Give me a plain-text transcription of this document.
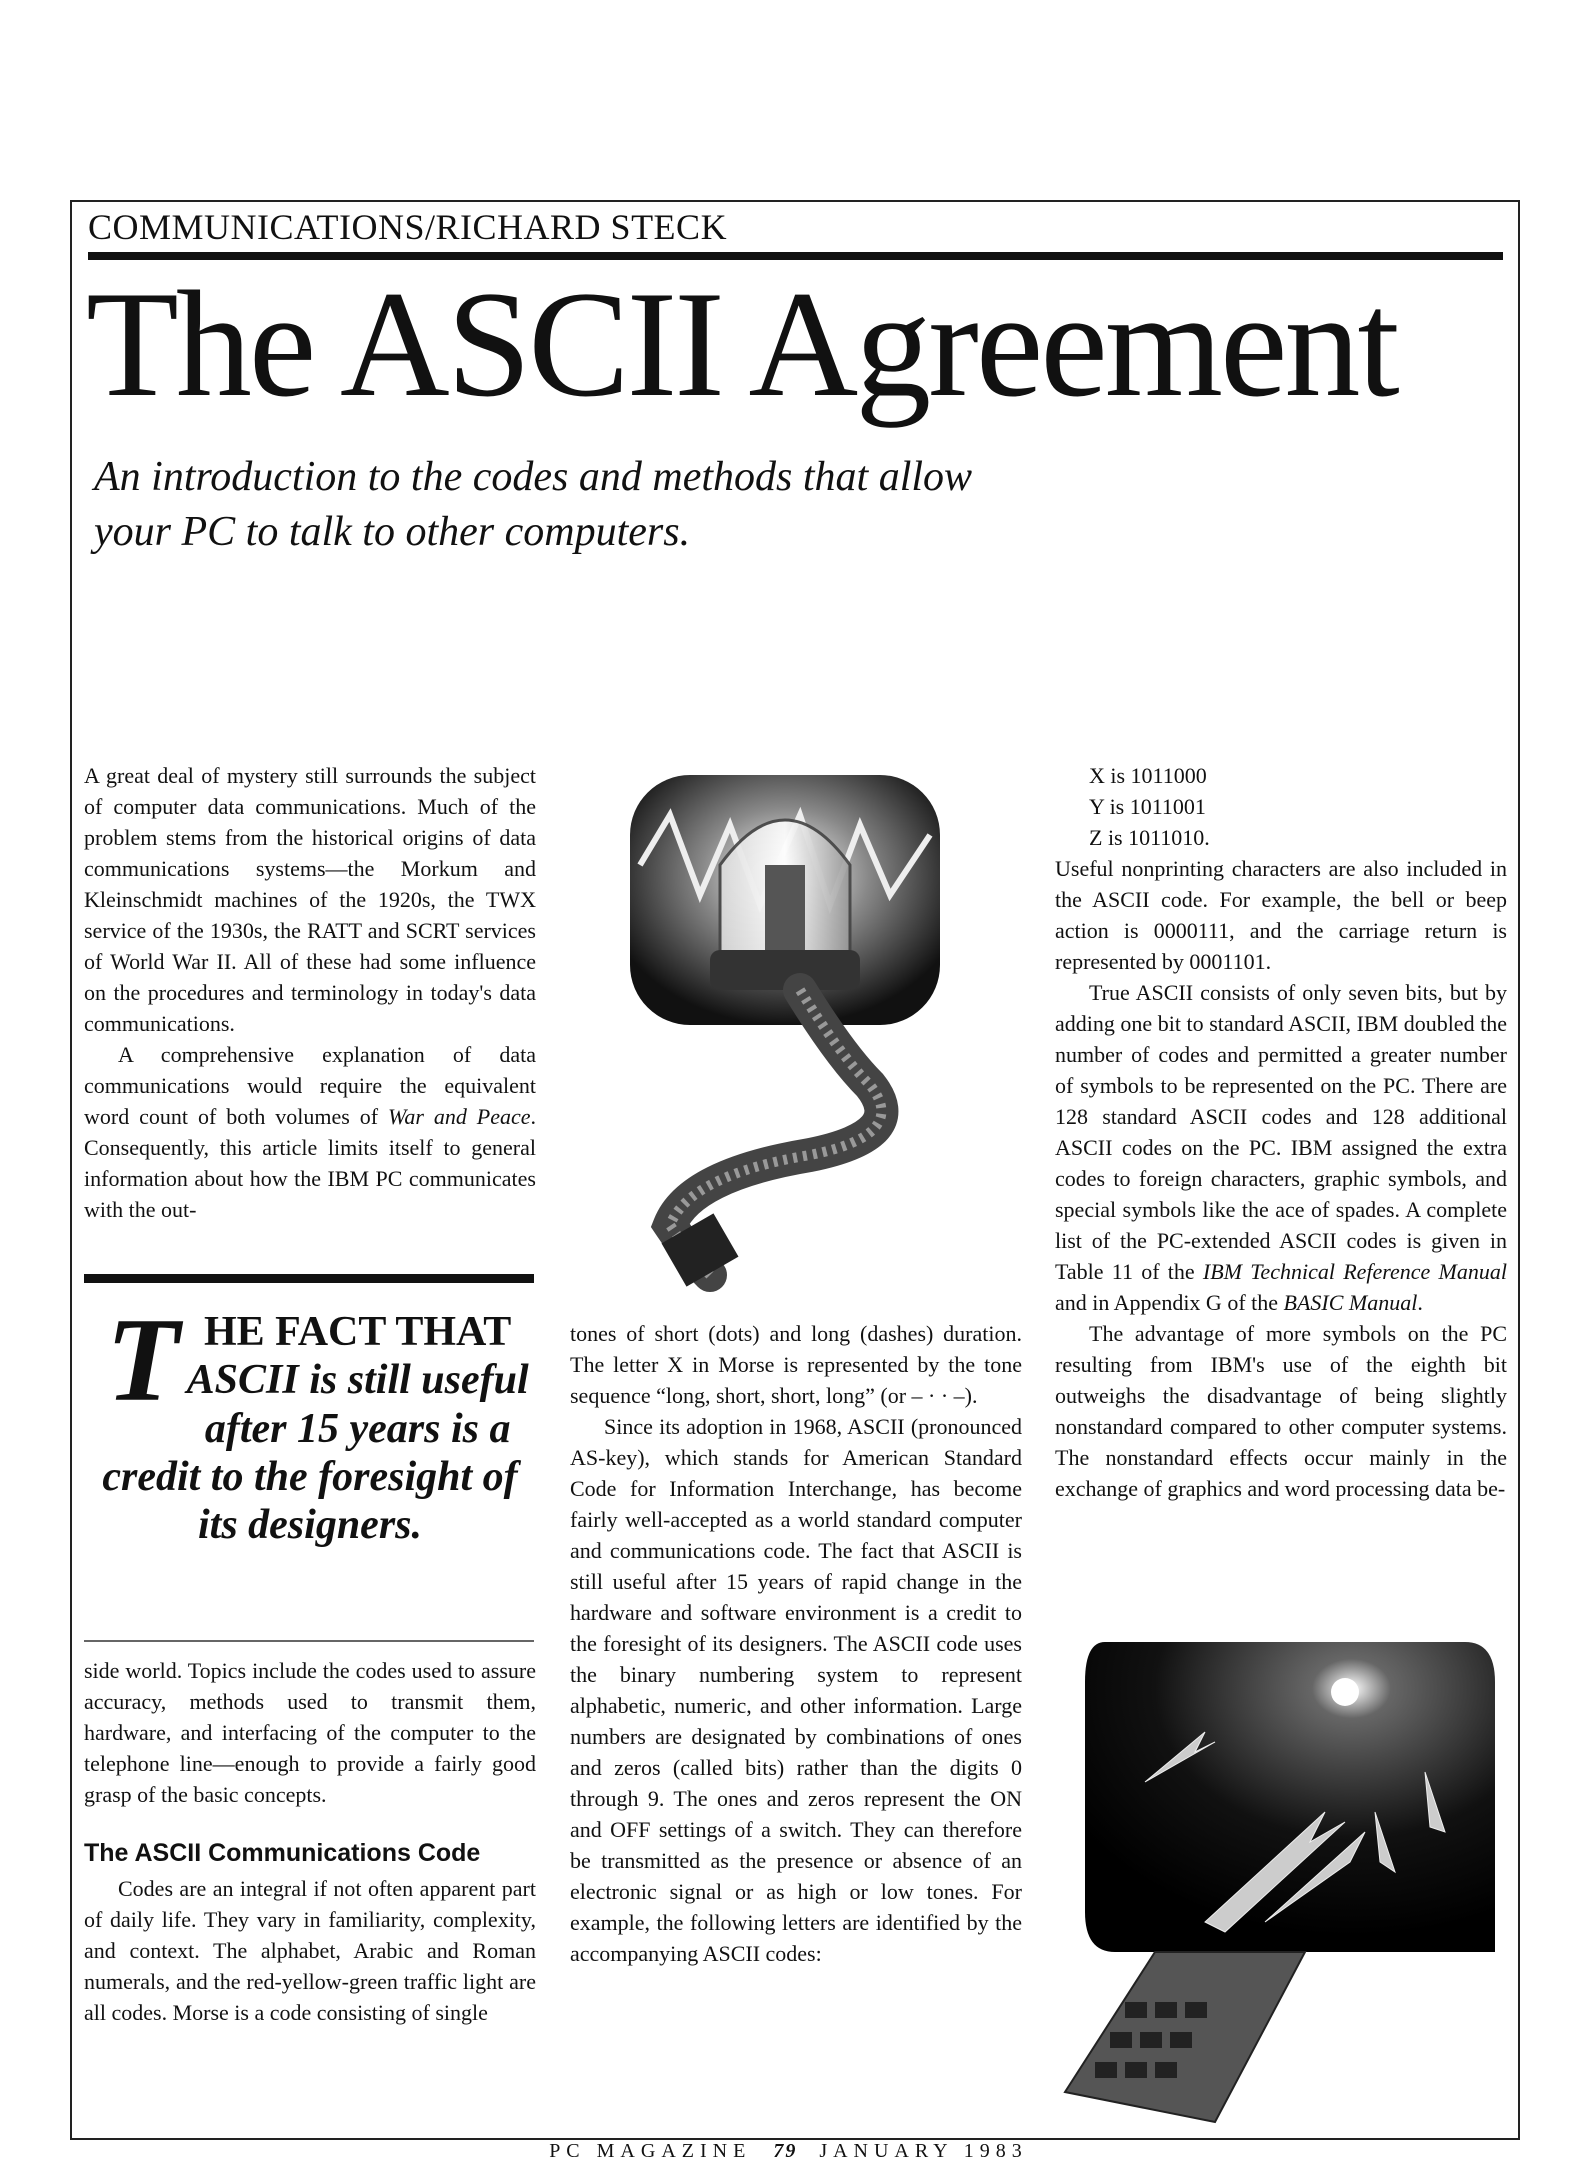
COMMUNICATIONS/RICHARD STECK
The ASCII Agreement
An introduction to the codes and methods that allow your PC to talk to other computers.

A great deal of mystery still surrounds the subject of computer data communications. Much of the problem stems from the historical origins of data communications systems—the Morkum and Kleinschmidt machines of the 1920s, the TWX service of the 1930s, the RATT and SCRT services of World War II. All of these had some influence on the procedures and terminology in today's data communications.

A comprehensive explanation of data communications would require the equivalent word count of both volumes of War and Peace. Consequently, this article limits itself to general information about how the IBM PC communicates with the out-

T HE FACT THAT ASCII is still useful after 15 years is a credit to the foresight of its designers.

side world. Topics include the codes used to assure accuracy, methods used to transmit them, hardware, and interfacing of the computer to the telephone line—enough to provide a fairly good grasp of the basic concepts.

The ASCII Communications Code

Codes are an integral if not often apparent part of daily life. They vary in familiarity, complexity, and context. The alphabet, Arabic and Roman numerals, and the red-yellow-green traffic light are all codes. Morse is a code consisting of single

tones of short (dots) and long (dashes) duration. The letter X in Morse is represented by the tone sequence “long, short, short, long” (or – · · –).

Since its adoption in 1968, ASCII (pronounced AS-key), which stands for American Standard Code for Information Interchange, has become fairly well-accepted as a world standard computer and communications code. The fact that ASCII is still useful after 15 years of rapid change in the hardware and software environment is a credit to the foresight of its designers. The ASCII code uses the binary numbering system to represent alphabetic, numeric, and other information. Large numbers are designated by combinations of ones and zeros (called bits) rather than the digits 0 through 9. The ones and zeros represent the ON and OFF settings of a switch. They can therefore be transmitted as the presence or absence of an electronic signal or as high or low tones. For example, the following letters are identified by the accompanying ASCII codes:

X is 1011000
Y is 1011001
Z is 1011010.

Useful nonprinting characters are also included in the ASCII code. For example, the bell or beep action is 0000111, and the carriage return is represented by 0001101.

True ASCII consists of only seven bits, but by adding one bit to standard ASCII, IBM doubled the number of codes and permitted a greater number of symbols to be represented on the PC. There are 128 standard ASCII codes and 128 additional ASCII codes on the PC. IBM assigned the extra codes to foreign characters, graphic symbols, and special symbols like the ace of spades. A complete list of the PC-extended ASCII codes is given in Table 11 of the IBM Technical Reference Manual and in Appendix G of the BASIC Manual.

The advantage of more symbols on the PC resulting from IBM's use of the eighth bit outweighs the disadvantage of being slightly nonstandard compared to other computer systems. The nonstandard effects occur mainly in the exchange of graphics and word processing data be-

PC MAGAZINE 79 JANUARY 1983
